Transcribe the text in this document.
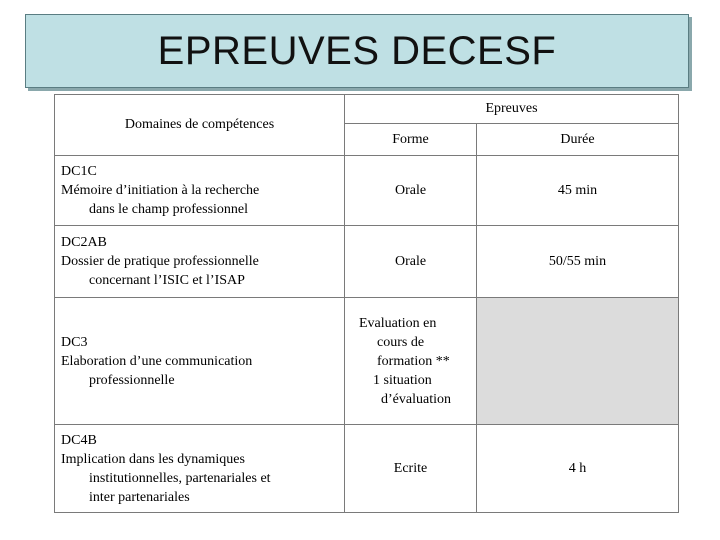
EPREUVES DECESF
Domaines de compétences	Epreuves	
	Forme	Durée

DC1C
Mémoire d’initiation à la recherche
dans le champ professionnel	Orale	45 min

DC2AB
Dossier de pratique professionnelle
concernant l’ISIC et l’ISAP	Orale	50/55 min

DC3
Elaboration d’une communication
professionnelle	Evaluation en
cours de
formation **
1 situation
d’évaluation	

DC4B
Implication dans les dynamiques
institutionnelles, partenariales et
inter partenariales	Ecrite	4 h
